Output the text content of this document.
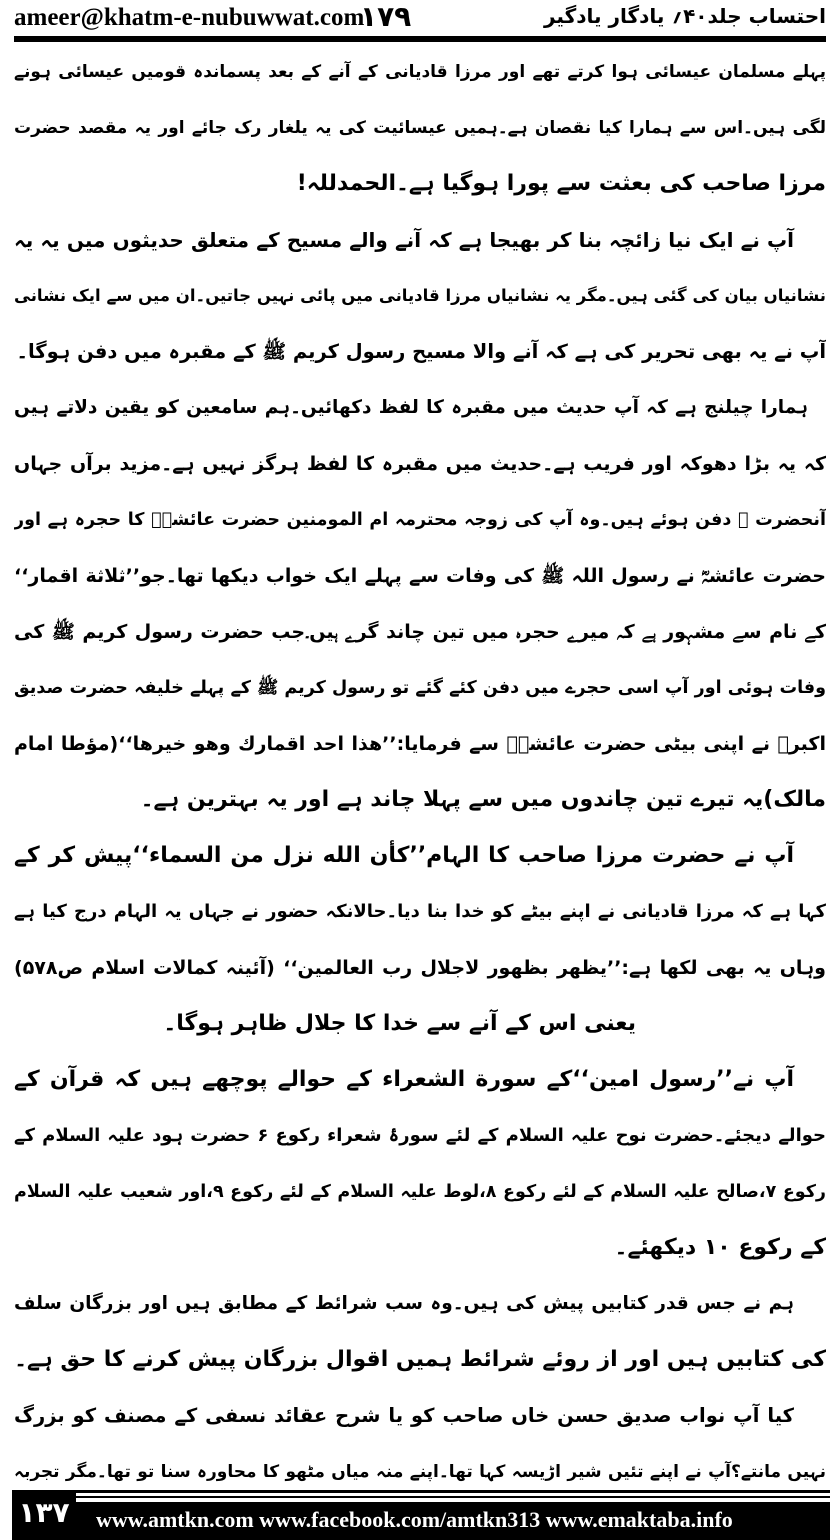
ameer@khatm-e-nubuwwat.com
۱۷۹	احتساب جلد۴۰؍ یادگار یادگیر
پہلے مسلمان عیسائی ہوا کرتے تھے اور مرزا قادیانی کے آنے کے بعد پسماندہ قومیں عیسائی ہونے
لگی ہیں۔اس سے ہمارا کیا نقصان ہے۔ہمیں عیسائیت کی یہ یلغار رک جائے اور یہ مقصد حضرت
مرزا صاحب کی بعثت سے پورا ہوگیا ہے۔الحمدللہ!
آپ نے ایک نیا زائچہ بنا کر بھیجا ہے کہ آنے والے مسیح کے متعلق حدیثوں میں یہ یہ
نشانیاں بیان کی گئی ہیں۔مگر یہ نشانیاں مرزا قادیانی میں پائی نہیں جاتیں۔ان میں سے ایک نشانی
آپ نے یہ بھی تحریر کی ہے کہ آنے والا مسیح رسول کریم ﷺ کے مقبرہ میں دفن ہوگا۔
ہمارا چیلنج ہے کہ آپ حدیث میں مقبرہ کا لفظ دکھائیں۔ہم سامعین کو یقین دلاتے ہیں
کہ یہ بڑا دھوکہ اور فریب ہے۔حدیث میں مقبرہ کا لفظ ہرگز نہیں ہے۔مزید برآں جہاں
آنحضرت ﷺ دفن ہوئے ہیں۔وہ آپ کی زوجہ محترمہ ام المومنین حضرت عائشہؓ کا حجرہ ہے اور
حضرت عائشہؓ نے رسول اللہ ﷺ کی وفات سے پہلے ایک خواب دیکھا تھا۔جو’’ثلاثة اقمار‘‘
کے نام سے مشہور ہے کہ میرے حجرہ میں تین چاند گرے ہیں۔جب حضرت رسول کریم ﷺ کی
وفات ہوئی اور آپ اسی حجرے میں دفن کئے گئے تو رسول کریم ﷺ کے پہلے خلیفہ حضرت صدیق
اکبرؓ نے اپنی بیٹی حضرت عائشہؓ سے فرمایا:’’ھذا احد اقمارك وھو خيرھا‘‘(مؤطا امام
مالک)یہ تیرے تین چاندوں میں سے پہلا چاند ہے اور یہ بہترین ہے۔
آپ نے حضرت مرزا صاحب کا الہام’’كأن الله نزل من السماء‘‘پیش کر کے
کہا ہے کہ مرزا قادیانی نے اپنے بیٹے کو خدا بنا دیا۔حالانکہ حضور نے جہاں یہ الہام درج کیا ہے
وہاں یہ بھی لکھا ہے:’’يظهر بظهور لاجلال رب العالمين‘‘ (آئینہ کمالات اسلام ص۵۷۸)
یعنی اس کے آنے سے خدا کا جلال ظاہر ہوگا۔
آپ نے’’رسول امین‘‘کے سورة الشعراء کے حوالے پوچھے ہیں کہ قرآن کے
حوالے دیجئے۔حضرت نوح علیہ السلام کے لئے سورۂ شعراء رکوع ۶ حضرت ہود علیہ السلام کے
رکوع ۷،صالح علیہ السلام کے لئے رکوع ۸،لوط علیہ السلام کے لئے رکوع ۹،اور شعیب علیہ السلام
کے رکوع ۱۰ دیکھئے۔
ہم نے جس قدر کتابیں پیش کی ہیں۔وہ سب شرائط کے مطابق ہیں اور بزرگان سلف
کی کتابیں ہیں اور از روئے شرائط ہمیں اقوال بزرگان پیش کرنے کا حق ہے۔
کیا آپ نواب صدیق حسن خاں صاحب کو یا شرح عقائد نسفی کے مصنف کو بزرگ
نہیں مانتے؟آپ نے اپنے تئیں شیر اڑیسہ کہا تھا۔اپنے منہ میاں مٹھو کا محاورہ سنا تو تھا۔مگر تجربہ
۱۳۷	www.amtkn.com www.facebook.com/amtkn313 www.emaktaba.info
